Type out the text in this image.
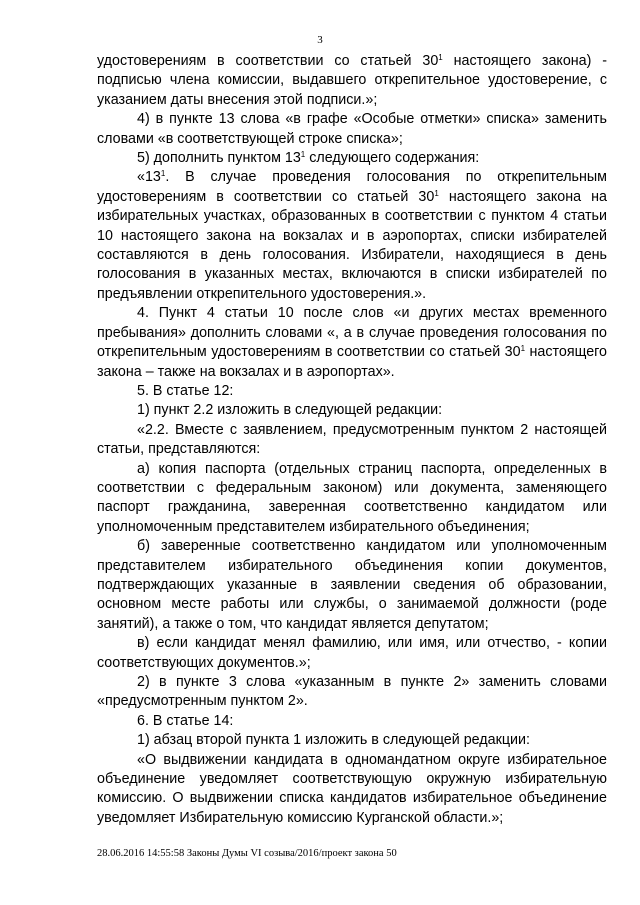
3

удостоверениям в соответствии со статьей $30^1$ настоящего закона) - подписью члена комиссии, выдавшего открепительное удостоверение, с указанием даты внесения этой подписи.»;

4) в пункте 13 слова «в графе «Особые отметки» списка» заменить словами «в соответствующей строке списка»;

5) дополнить пунктом $13^1$ следующего содержания:

«$13^1$. В случае проведения голосования по открепительным удостоверениям в соответствии со статьей $30^1$ настоящего закона на избирательных участках, образованных в соответствии с пунктом 4 статьи 10 настоящего закона на вокзалах и в аэропортах, списки избирателей составляются в день голосования. Избиратели, находящиеся в день голосования в указанных местах, включаются в списки избирателей по предъявлении открепительного удостоверения.».

4. Пункт 4 статьи 10 после слов «и других местах временного пребывания» дополнить словами «, а в случае проведения голосования по открепительным удостоверениям в соответствии со статьей $30^1$ настоящего закона – также на вокзалах и в аэропортах».

5. В статье 12:

1) пункт 2.2 изложить в следующей редакции:

«2.2. Вместе с заявлением, предусмотренным пунктом 2 настоящей статьи, представляются:

а) копия паспорта (отдельных страниц паспорта, определенных в соответствии с федеральным законом) или документа, заменяющего паспорт гражданина, заверенная соответственно кандидатом или уполномоченным представителем избирательного объединения;

б) заверенные соответственно кандидатом или уполномоченным представителем избирательного объединения копии документов, подтверждающих указанные в заявлении сведения об образовании, основном месте работы или службы, о занимаемой должности (роде занятий), а также о том, что кандидат является депутатом;

в) если кандидат менял фамилию, или имя, или отчество, - копии соответствующих документов.»;

2) в пункте 3 слова «указанным в пункте 2» заменить словами «предусмотренным пунктом 2».

6. В статье 14:

1) абзац второй пункта 1 изложить в следующей редакции:

«О выдвижении кандидата в одномандатном округе избирательное объединение уведомляет соответствующую окружную избирательную комиссию. О выдвижении списка кандидатов избирательное объединение уведомляет Избирательную комиссию Курганской области.»;

28.06.2016 14:55:58 Законы Думы VI созыва/2016/проект закона 50
